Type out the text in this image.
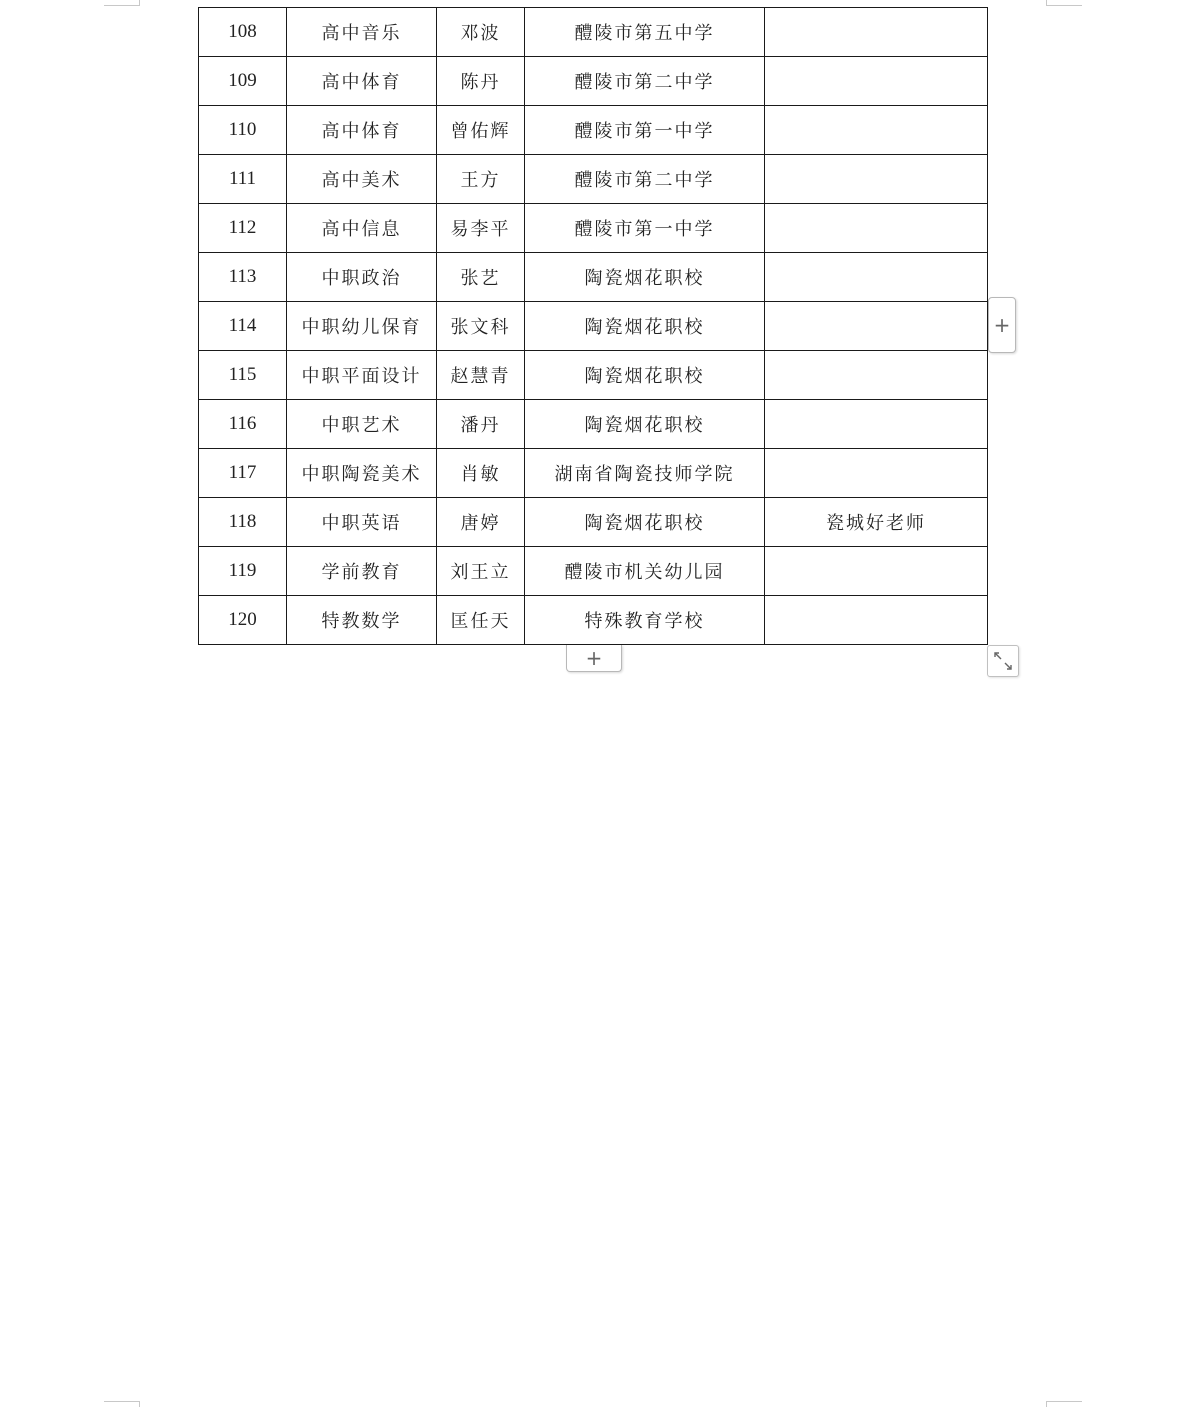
108	高中音乐	邓波	醴陵市第五中学	
109	高中体育	陈丹	醴陵市第二中学	
110	高中体育	曾佑辉	醴陵市第一中学	
111	高中美术	王方	醴陵市第二中学	
112	高中信息	易李平	醴陵市第一中学	
113	中职政治	张艺	陶瓷烟花职校	
114	中职幼儿保育	张文科	陶瓷烟花职校	
115	中职平面设计	赵慧青	陶瓷烟花职校	
116	中职艺术	潘丹	陶瓷烟花职校	
117	中职陶瓷美术	肖敏	湖南省陶瓷技师学院	
118	中职英语	唐婷	陶瓷烟花职校	瓷城好老师
119	学前教育	刘王立	醴陵市机关幼儿园	
120	特教数学	匡任天	特殊教育学校	
+
+
